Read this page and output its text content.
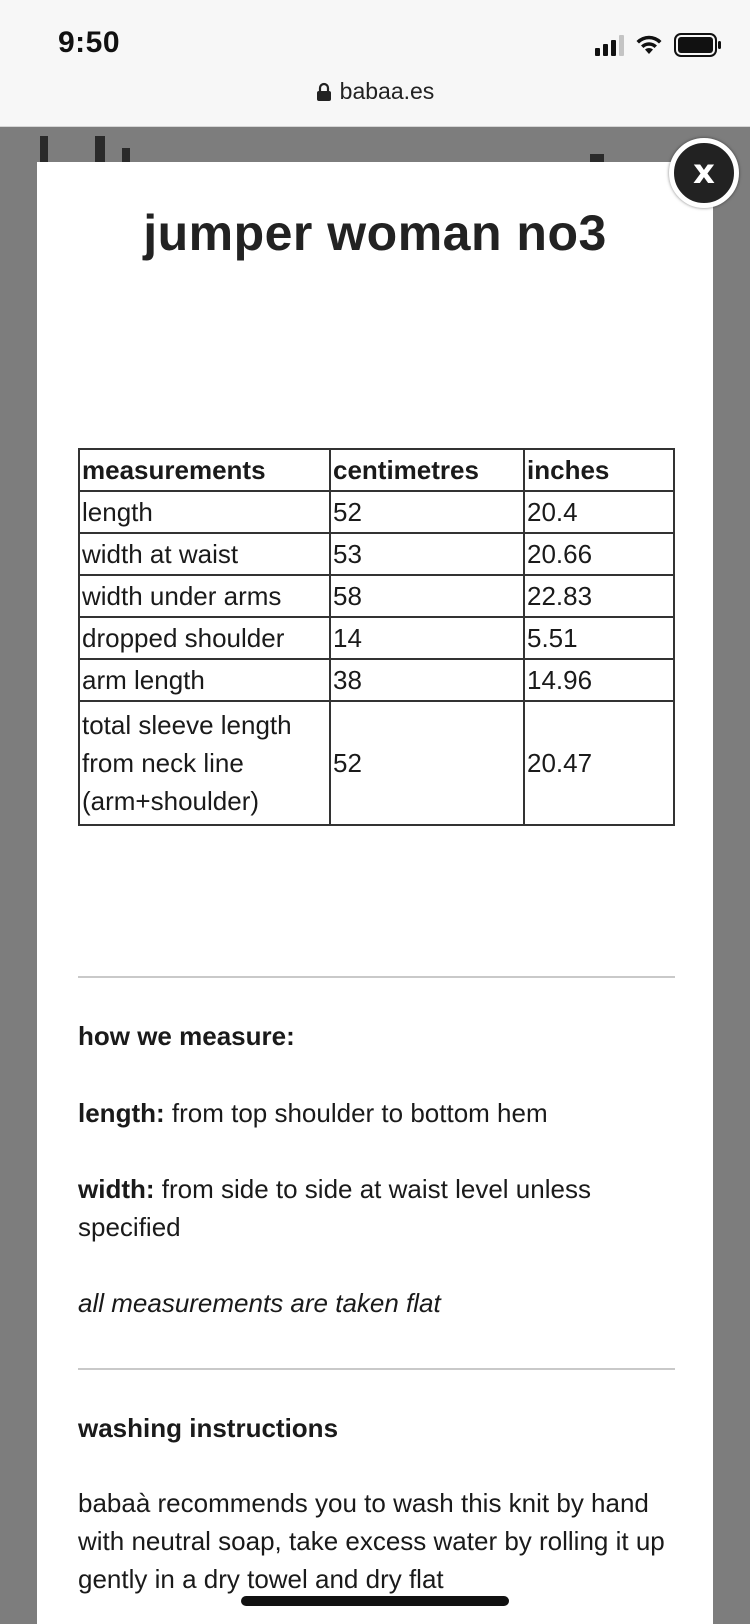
9:50
babaa.es
x
jumper woman no3
measurements	centimetres	inches
length	52	20.4
width at waist	53	20.66
width under arms	58	22.83
dropped shoulder	14	5.51
arm length	38	14.96
total sleeve length from neck line (arm+shoulder)	52	20.47

how we measure:

length: from top shoulder to bottom hem

width: from side to side at waist level unless specified

all measurements are taken flat

washing instructions

babaà recommends you to wash this knit by hand with neutral soap, take excess water by rolling it up gently in a dry towel and dry flat
